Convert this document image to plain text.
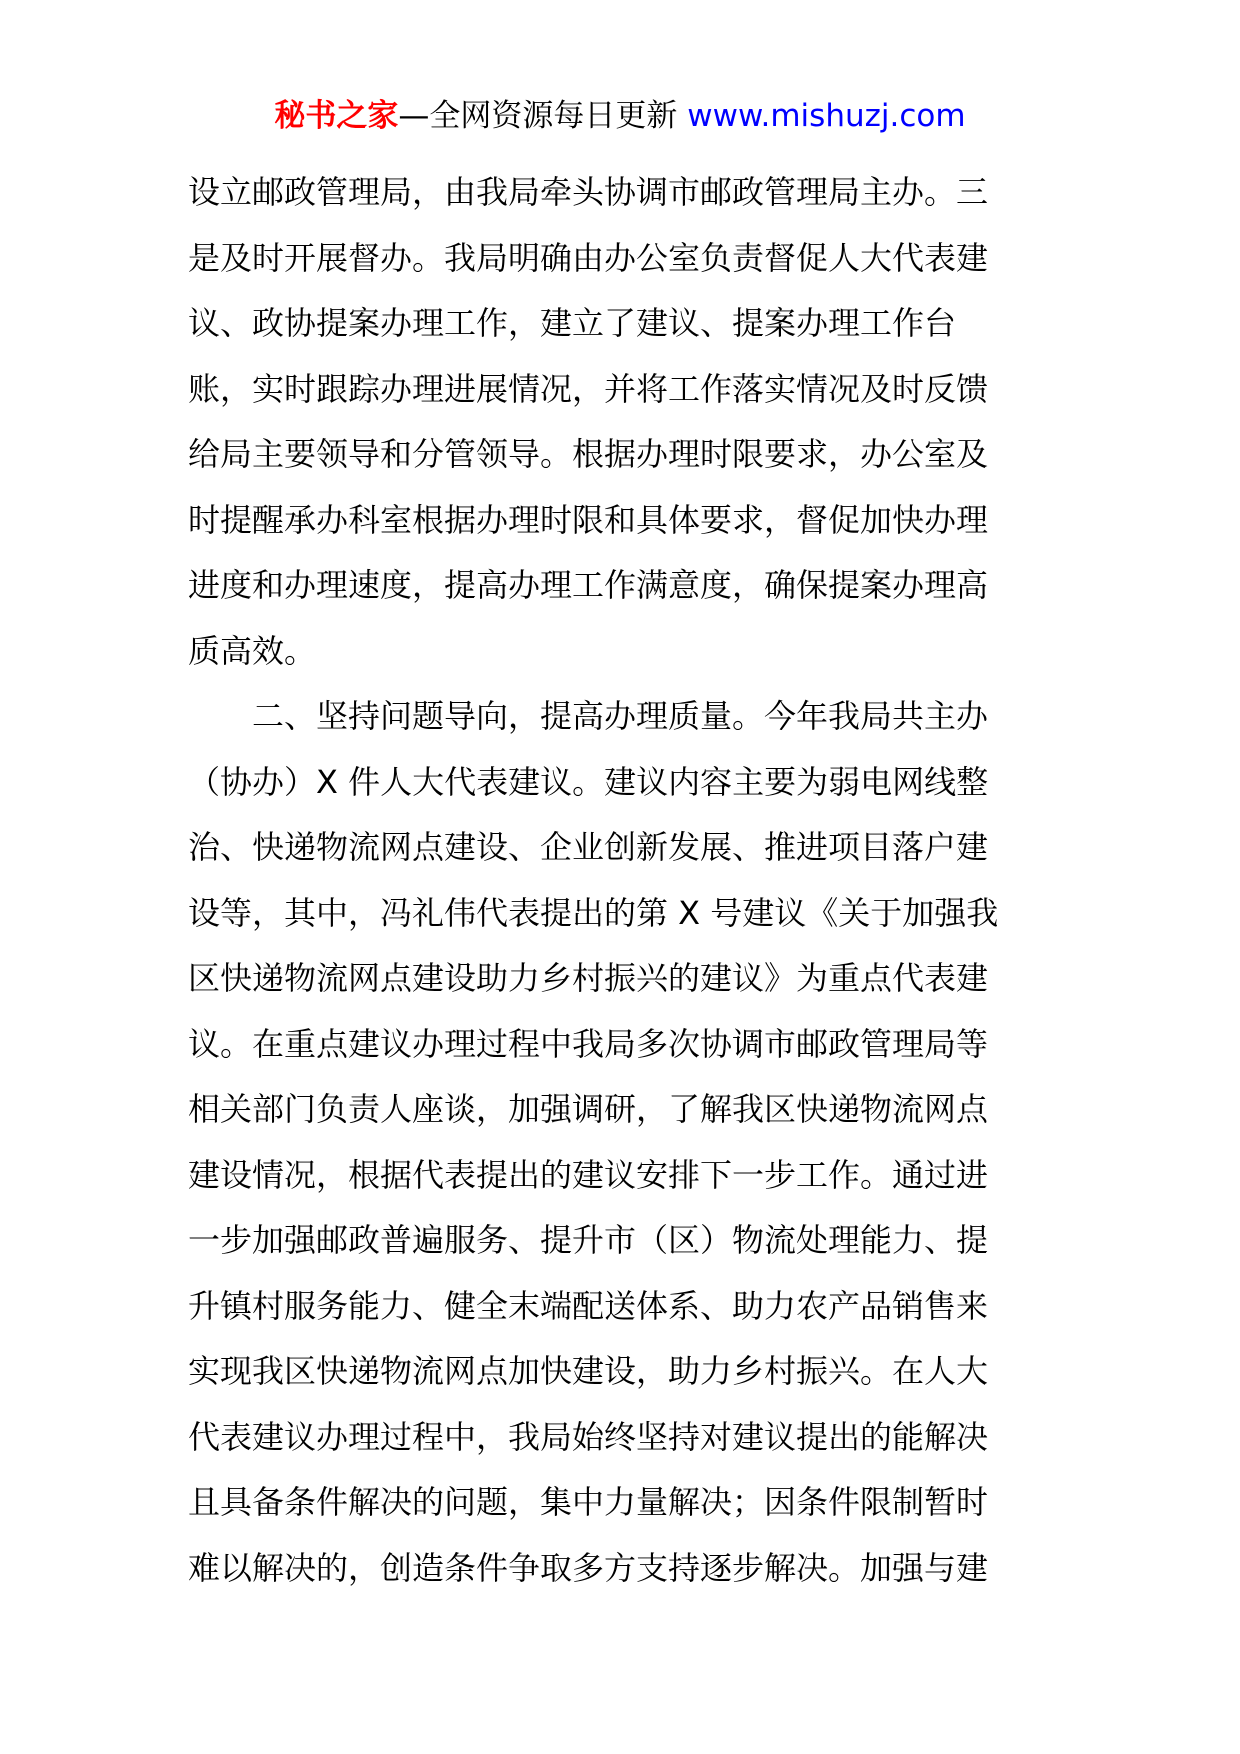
秘书之家—全网资源每日更新 www.mishuzj.com
设立邮政管理局，由我局牵头协调市邮政管理局主办。三
是及时开展督办。我局明确由办公室负责督促人大代表建
议、政协提案办理工作，建立了建议、提案办理工作台
账，实时跟踪办理进展情况，并将工作落实情况及时反馈
给局主要领导和分管领导。根据办理时限要求，办公室及
时提醒承办科室根据办理时限和具体要求，督促加快办理
进度和办理速度，提高办理工作满意度，确保提案办理高
质高效。
　　二、坚持问题导向，提高办理质量。今年我局共主办
（协办）X 件人大代表建议。建议内容主要为弱电网线整
治、快递物流网点建设、企业创新发展、推进项目落户建
设等，其中，冯礼伟代表提出的第 X 号建议《关于加强我
区快递物流网点建设助力乡村振兴的建议》为重点代表建
议。在重点建议办理过程中我局多次协调市邮政管理局等
相关部门负责人座谈，加强调研，了解我区快递物流网点
建设情况，根据代表提出的建议安排下一步工作。通过进
一步加强邮政普遍服务、提升市（区）物流处理能力、提
升镇村服务能力、健全末端配送体系、助力农产品销售来
实现我区快递物流网点加快建设，助力乡村振兴。在人大
代表建议办理过程中，我局始终坚持对建议提出的能解决
且具备条件解决的问题，集中力量解决；因条件限制暂时
难以解决的，创造条件争取多方支持逐步解决。加强与建
